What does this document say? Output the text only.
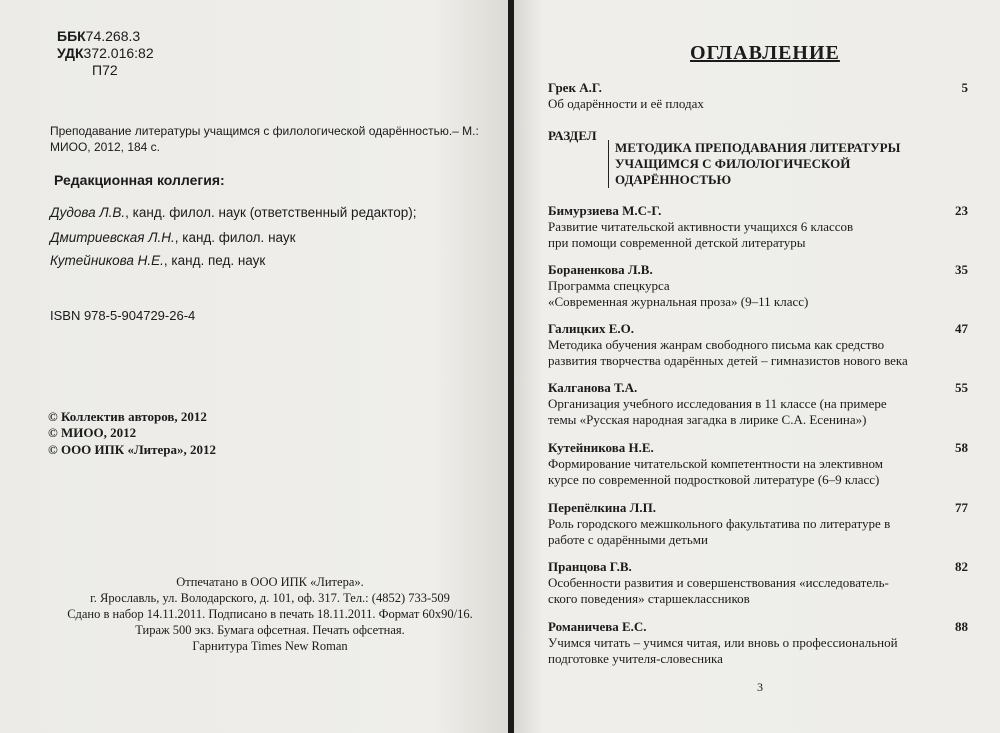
ББК74.268.3
УДК372.016:82
П72
Преподавание литературы учащимся с филологической одарённостью.– М.:
МИОО, 2012, 184 с.
Редакционная коллегия:
Дудова Л.В., канд. филол. наук (ответственный редактор);
Дмитриевская Л.Н., канд. филол. наук
Кутейникова Н.Е., канд. пед. наук
ISBN 978-5-904729-26-4
© Коллектив авторов, 2012
© МИОО, 2012
© ООО ИПК «Литера», 2012
Отпечатано в ООО ИПК «Литера».
г. Ярославль, ул. Володарского, д. 101, оф. 317. Тел.: (4852) 733-509
Сдано в набор 14.11.2011. Подписано в печать 18.11.2011. Формат 60x90/16.
Тираж 500 экз. Бумага офсетная. Печать офсетная.
Гарнитура Times New Roman
ОГЛАВЛЕНИЕ
Грек А.Г.	5
Об одарённости и её плодах
РАЗДЕЛ
МЕТОДИКА ПРЕПОДАВАНИЯ ЛИТЕРАТУРЫ
УЧАЩИМСЯ С ФИЛОЛОГИЧЕСКОЙ
ОДАРЁННОСТЬЮ
Бимурзиева М.С-Г.	23
Развитие читательской активности учащихся 6 классов
при помощи современной детской литературы
Бораненкова Л.В.	35
Программа спецкурса
«Современная журнальная проза» (9–11 класс)
Галицких Е.О.	47
Методика обучения жанрам свободного письма как средство
развития творчества одарённых детей – гимназистов нового века
Калганова Т.А.	55
Организация учебного исследования в 11 классе (на примере
темы «Русская народная загадка в лирике С.А. Есенина»)
Кутейникова Н.Е.	58
Формирование читательской компетентности на элективном
курсе по современной подростковой литературе (6–9 класс)
Перепёлкина Л.П.	77
Роль городского межшкольного факультатива по литературе в
работе с одарёнными детьми
Пранцова Г.В.	82
Особенности развития и совершенствования «исследователь-
ского поведения» старшеклассников
Романичева Е.С.	88
Учимся читать – учимся читая, или вновь о профессиональной
подготовке учителя-словесника
3
